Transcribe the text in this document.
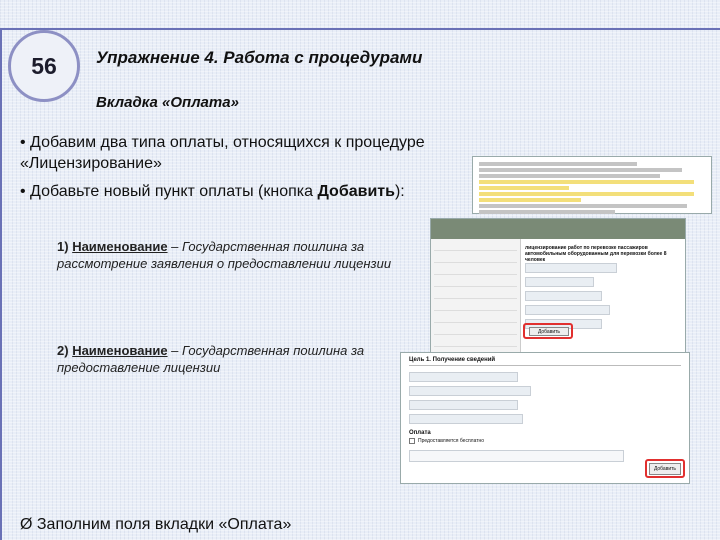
56 Упражнение 4. Работа с процедурами
Вкладка «Оплата»
• Добавим два типа оплаты, относящихся к процедуре «Лицензирование»
• Добавьте новый пункт оплаты (кнопка Добавить):
1) Наименование – Государственная пошлина за рассмотрение заявления о предоставлении лицензии
2) Наименование – Государственная пошлина за предоставление лицензии
Ø Заполним поля вкладки «Оплата»
лицензирование работ по перевозке пассажиров автомобильным оборудованным для перевозки более 8 человек
Добавить
Цель 1. Получение сведений
Оплата
Предоставляется бесплатно
Добавить
